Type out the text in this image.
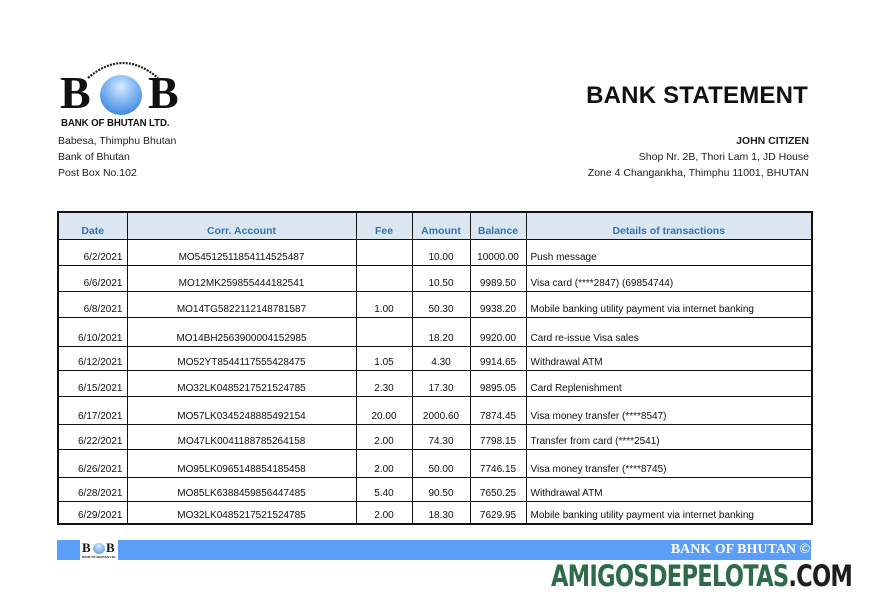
B B
BANK OF BHUTAN LTD.
Babesa, Thimphu Bhutan
Bank of Bhutan
Post Box No.102
BANK STATEMENT
JOHN CITIZEN
Shop Nr. 2B, Thori Lam 1, JD House
Zone 4 Changankha, Thimphu 11001, BHUTAN
Date	Corr. Account	Fee	Amount	Balance	Details of transactions
6/2/2021	MO54512511854114525487		10.00	10000.00	Push message
6/6/2021	MO12MK259855444182541		10.50	9989.50	Visa card (****2847) (69854744)
6/8/2021	MO14TG5822112148781587	1.00	50.30	9938.20	Mobile banking utility payment via internet banking
6/10/2021	MO14BH2563900004152985		18.20	9920.00	Card re-issue Visa sales
6/12/2021	MO52YT8544117555428475	1.05	4.30	9914.65	Withdrawal ATM
6/15/2021	MO32LK0485217521524785	2.30	17.30	9895.05	Card Replenishment
6/17/2021	MO57LK0345248885492154	20.00	2000.60	7874.45	Visa money transfer (****8547)
6/22/2021	MO47LK0041188785264158	2.00	74.30	7798.15	Transfer from card (****2541)
6/26/2021	MO95LK0965148854185458	2.00	50.00	7746.15	Visa money transfer (****8745)
6/28/2021	MO85LK6388459856447485	5.40	90.50	7650.25	Withdrawal ATM
6/29/2021	MO32LK0485217521524785	2.00	18.30	7629.95	Mobile banking utility payment via internet banking
B B
BANK OF BHUTAN LTD.	BANK OF BHUTAN ©
AMIGOSDEPELOTAS.COM
